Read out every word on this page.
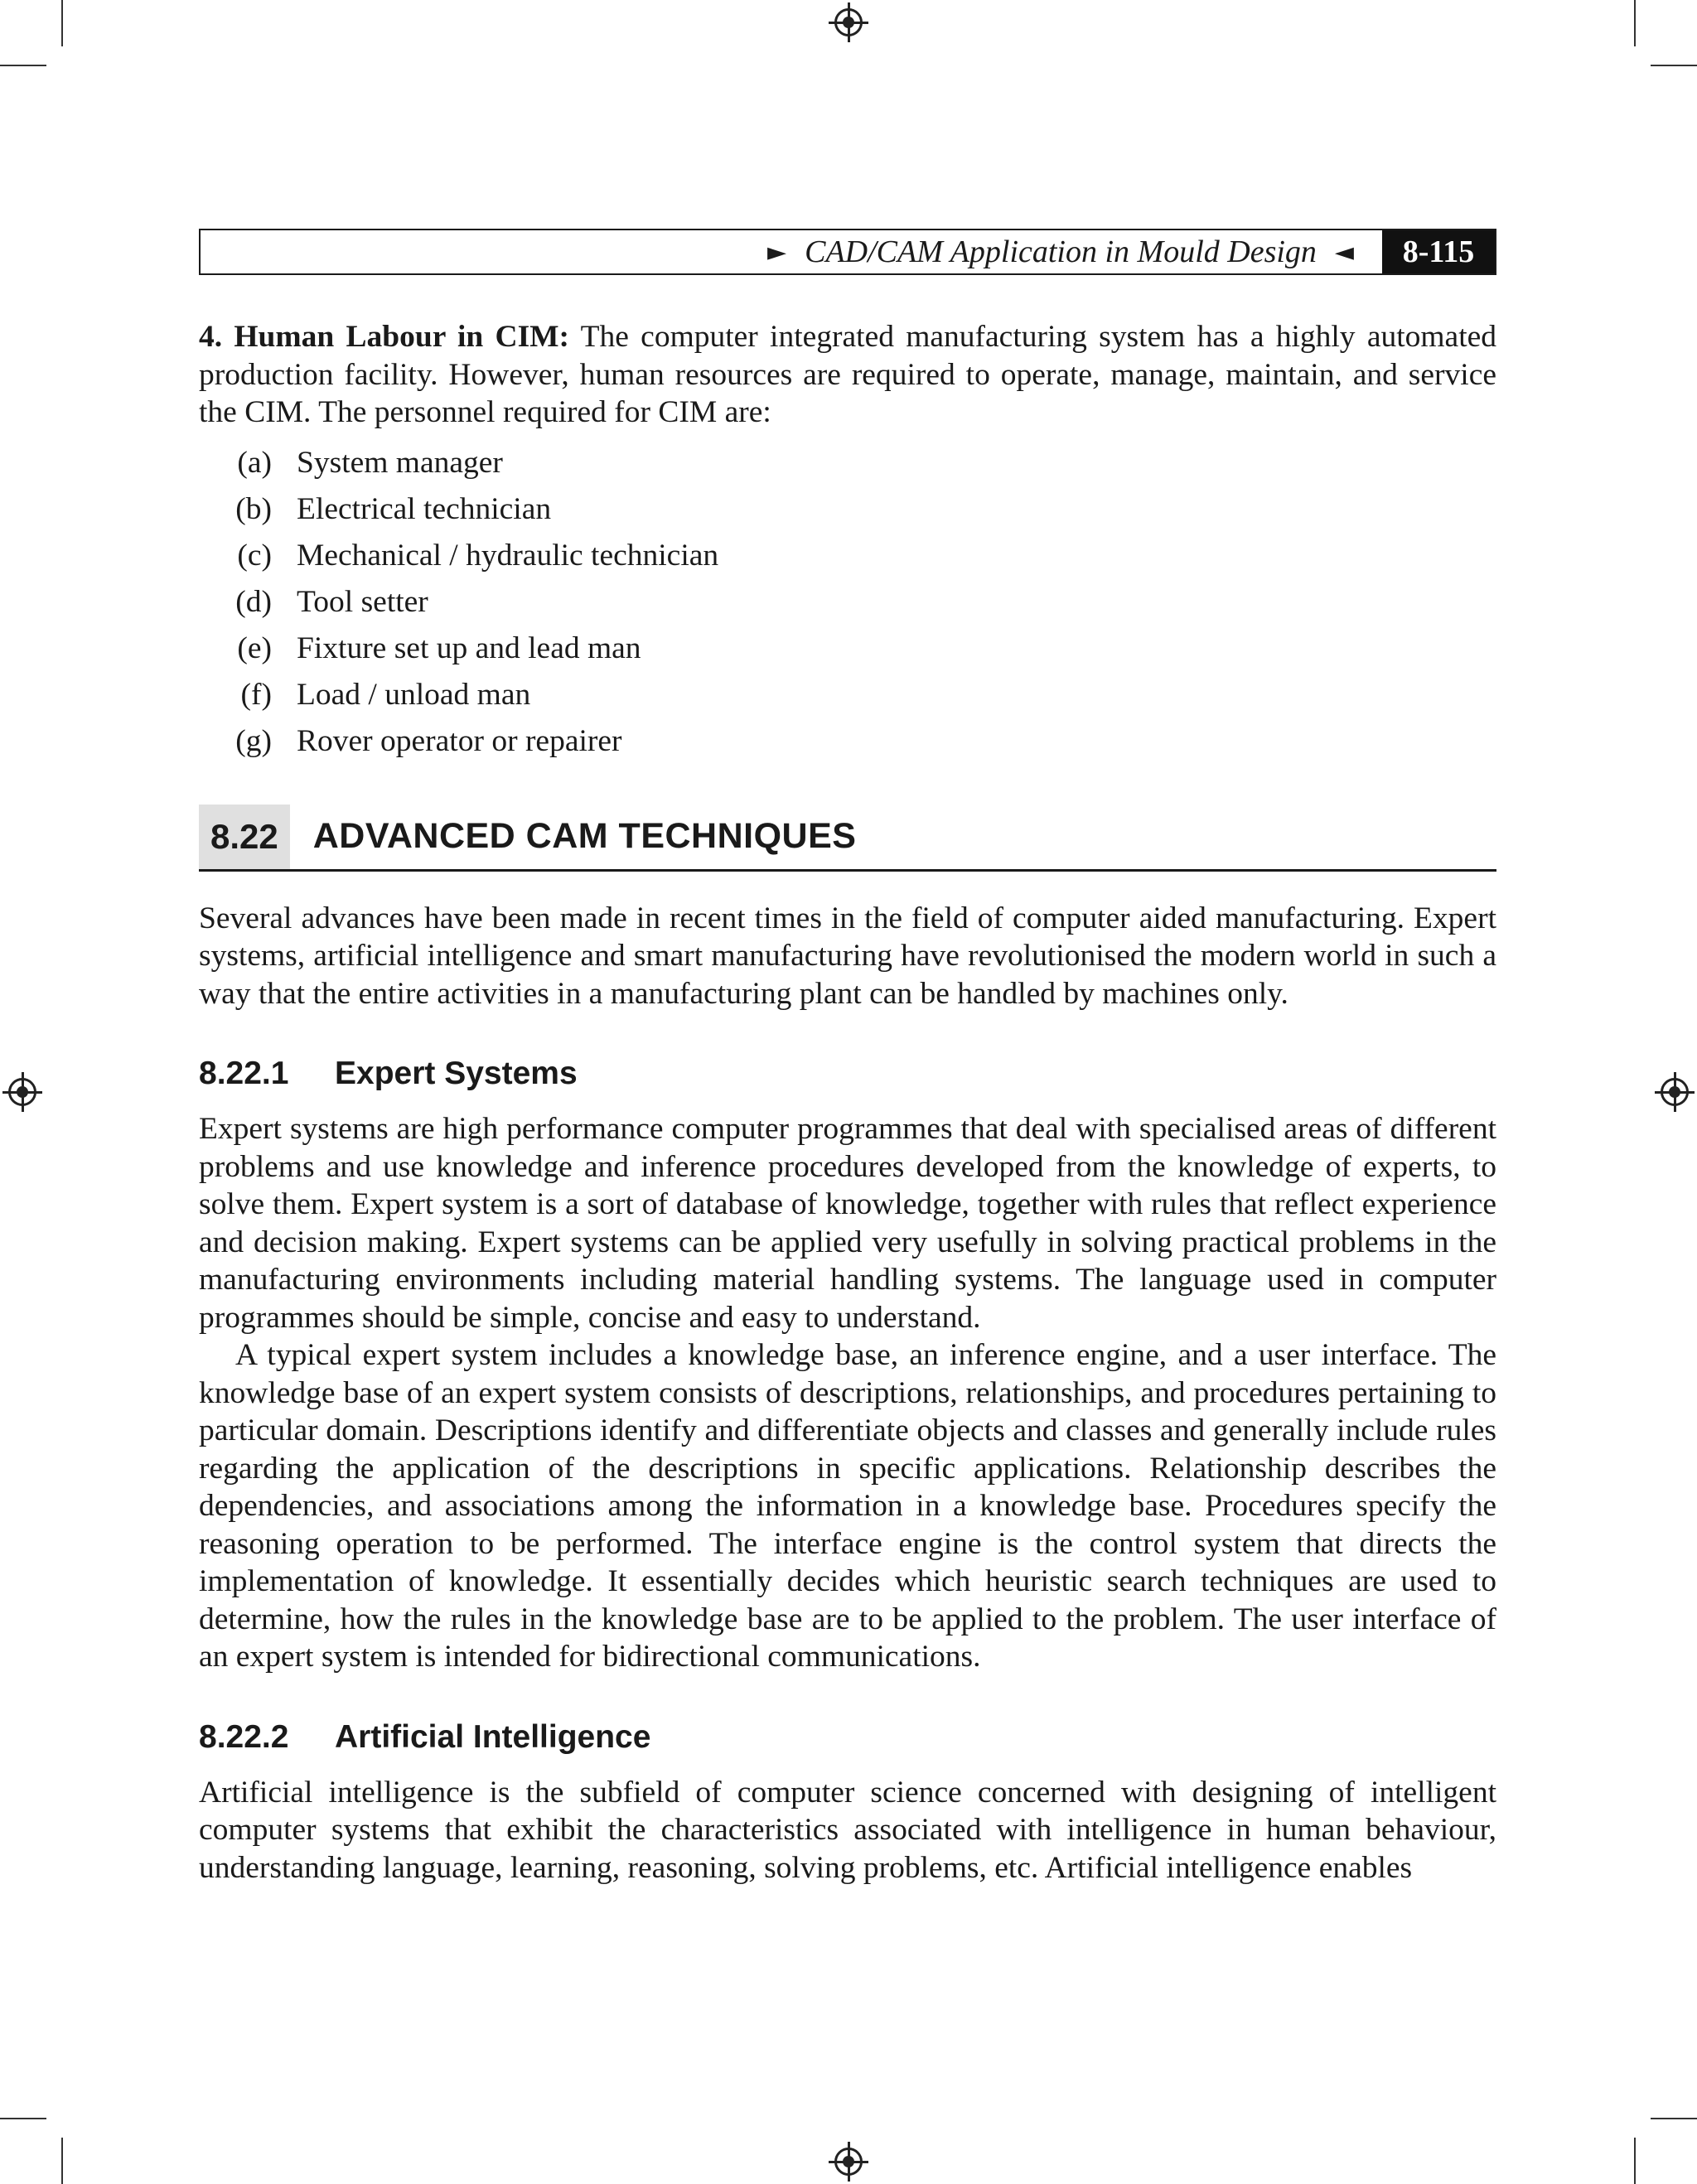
► CAD/CAM Application in Mould Design ◄	8-115

4. Human Labour in CIM: The computer integrated manufacturing system has a highly automated production facility. However, human resources are required to operate, manage, maintain, and service the CIM. The personnel required for CIM are:

(a) System manager
(b) Electrical technician
(c) Mechanical / hydraulic technician
(d) Tool setter
(e) Fixture set up and lead man
(f) Load / unload man
(g) Rover operator or repairer
8.22 ADVANCED CAM TECHNIQUES

Several advances have been made in recent times in the field of computer aided manufacturing. Expert systems, artificial intelligence and smart manufacturing have revolutionised the modern world in such a way that the entire activities in a manufacturing plant can be handled by machines only.

8.22.1	Expert Systems

Expert systems are high performance computer programmes that deal with specialised areas of different problems and use knowledge and inference procedures developed from the knowledge of experts, to solve them. Expert system is a sort of database of knowledge, together with rules that reflect experience and decision making. Expert systems can be applied very usefully in solving practical problems in the manufacturing environments including material handling systems. The language used in computer programmes should be simple, concise and easy to understand.

A typical expert system includes a knowledge base, an inference engine, and a user interface. The knowledge base of an expert system consists of descriptions, relationships, and procedures pertaining to particular domain. Descriptions identify and differentiate objects and classes and generally include rules regarding the application of the descriptions in specific applications. Relationship describes the dependencies, and associations among the information in a knowledge base. Procedures specify the reasoning operation to be performed. The interface engine is the control system that directs the implementation of knowledge. It essentially decides which heuristic search techniques are used to determine, how the rules in the knowledge base are to be applied to the problem. The user interface of an expert system is intended for bidirectional communications.

8.22.2	Artificial Intelligence

Artificial intelligence is the subfield of computer science concerned with designing of intelligent computer systems that exhibit the characteristics associated with intelligence in human behaviour, understanding language, learning, reasoning, solving problems, etc. Artificial intelligence enables
